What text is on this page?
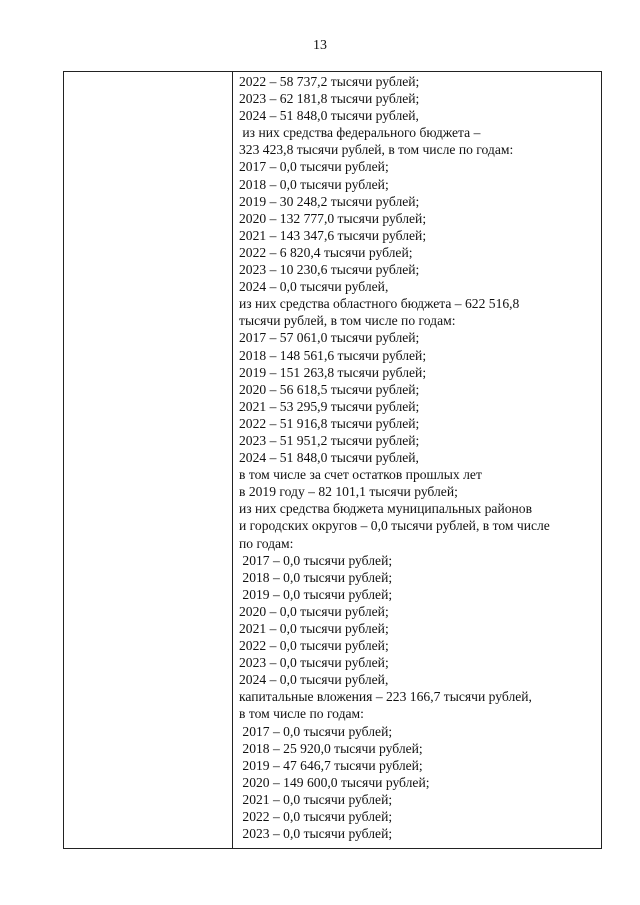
13
2022 – 58 737,2 тысячи рублей;
2023 – 62 181,8 тысячи рублей;
2024 – 51 848,0 тысячи рублей,
из них средства федерального бюджета –
323 423,8 тысячи рублей, в том числе по годам:
2017 – 0,0 тысячи рублей;
2018 – 0,0 тысячи рублей;
2019 – 30 248,2 тысячи рублей;
2020 – 132 777,0 тысячи рублей;
2021 – 143 347,6 тысячи рублей;
2022 – 6 820,4 тысячи рублей;
2023 – 10 230,6 тысячи рублей;
2024 – 0,0 тысячи рублей,
из них средства областного бюджета – 622 516,8
тысячи рублей, в том числе по годам:
2017 – 57 061,0 тысячи рублей;
2018 – 148 561,6 тысячи рублей;
2019 – 151 263,8 тысячи рублей;
2020 – 56 618,5 тысячи рублей;
2021 – 53 295,9 тысячи рублей;
2022 – 51 916,8 тысячи рублей;
2023 – 51 951,2 тысячи рублей;
2024 – 51 848,0 тысячи рублей,
в том числе за счет остатков прошлых лет
в 2019 году – 82 101,1 тысячи рублей;
из них средства бюджета муниципальных районов
и городских округов – 0,0 тысячи рублей, в том числе
по годам:
2017 – 0,0 тысячи рублей;
2018 – 0,0 тысячи рублей;
2019 – 0,0 тысячи рублей;
2020 – 0,0 тысячи рублей;
2021 – 0,0 тысячи рублей;
2022 – 0,0 тысячи рублей;
2023 – 0,0 тысячи рублей;
2024 – 0,0 тысячи рублей,
капитальные вложения – 223 166,7 тысячи рублей,
в том числе по годам:
2017 – 0,0 тысячи рублей;
2018 – 25 920,0 тысячи рублей;
2019 – 47 646,7 тысячи рублей;
2020 – 149 600,0 тысячи рублей;
2021 – 0,0 тысячи рублей;
2022 – 0,0 тысячи рублей;
2023 – 0,0 тысячи рублей;
